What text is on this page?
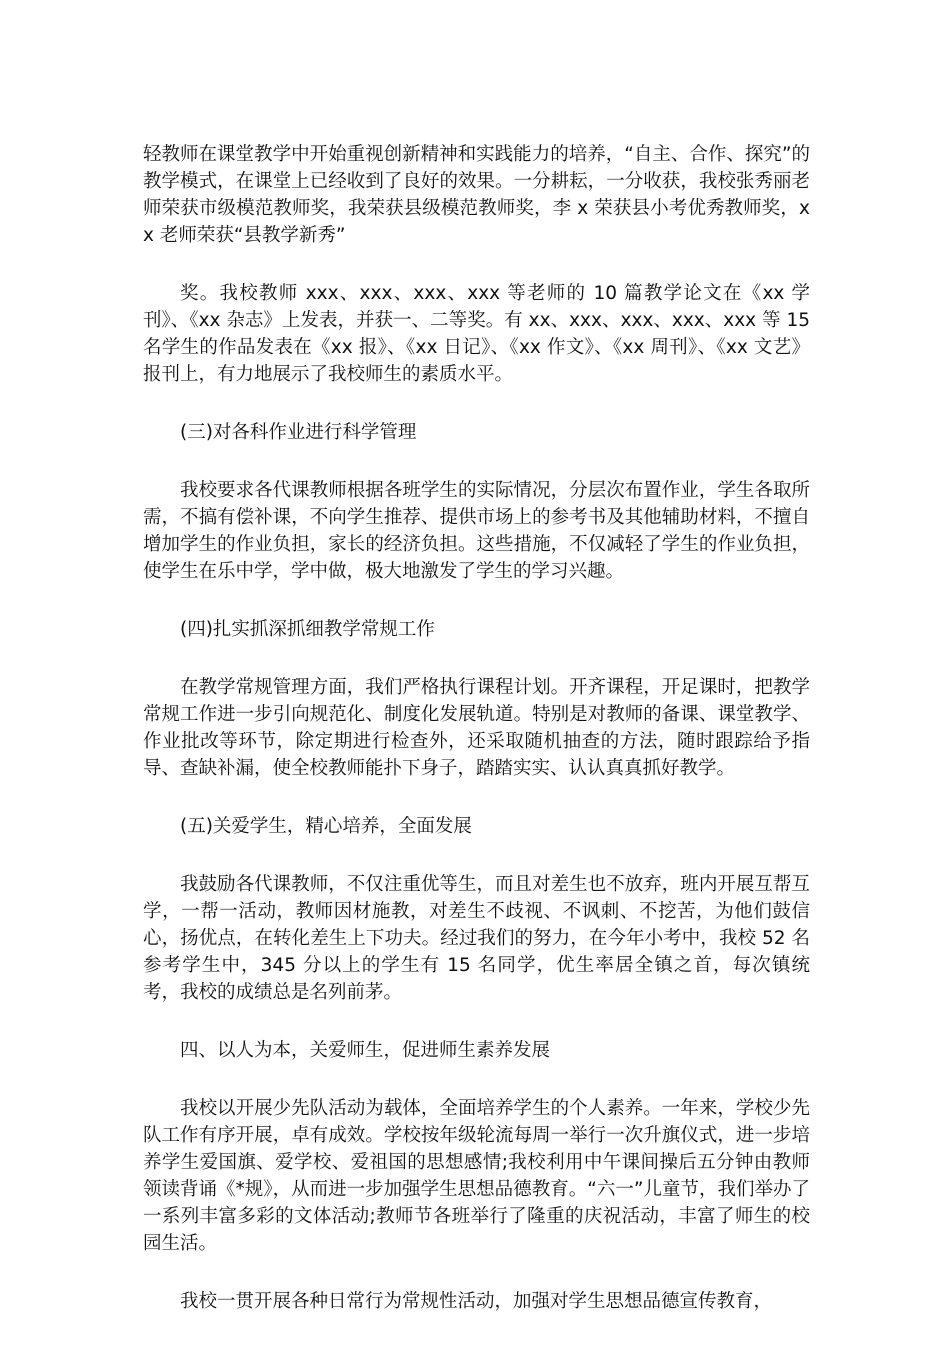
轻教师在课堂教学中开始重视创新精神和实践能力的培养，“自主、合作、探究”的教学模式，在课堂上已经收到了良好的效果。一分耕耘，一分收获，我校张秀丽老师荣获市级模范教师奖，我荣获县级模范教师奖，李 x 荣获县小考优秀教师奖，xx 老师荣获“县教学新秀”

奖。我校教师 xxx、xxx、xxx、xxx 等老师的 10 篇教学论文在《xx 学刊》、《xx 杂志》上发表，并获一、二等奖。有 xx、xxx、xxx、xxx、xxx 等 15 名学生的作品发表在《xx 报》、《xx 日记》、《xx 作文》、《xx 周刊》、《xx 文艺》报刊上，有力地展示了我校师生的素质水平。

(三)对各科作业进行科学管理

我校要求各代课教师根据各班学生的实际情况，分层次布置作业，学生各取所需，不搞有偿补课，不向学生推荐、提供市场上的参考书及其他辅助材料，不擅自增加学生的作业负担，家长的经济负担。这些措施，不仅减轻了学生的作业负担，使学生在乐中学，学中做，极大地激发了学生的学习兴趣。

(四)扎实抓深抓细教学常规工作

在教学常规管理方面，我们严格执行课程计划。开齐课程，开足课时，把教学常规工作进一步引向规范化、制度化发展轨道。特别是对教师的备课、课堂教学、作业批改等环节，除定期进行检查外，还采取随机抽查的方法，随时跟踪给予指导、查缺补漏，使全校教师能扑下身子，踏踏实实、认认真真抓好教学。

(五)关爱学生，精心培养，全面发展

我鼓励各代课教师，不仅注重优等生，而且对差生也不放弃，班内开展互帮互学，一帮一活动，教师因材施教，对差生不歧视、不讽刺、不挖苦，为他们鼓信心，扬优点，在转化差生上下功夫。经过我们的努力，在今年小考中，我校 52 名参考学生中，345 分以上的学生有 15 名同学，优生率居全镇之首，每次镇统考，我校的成绩总是名列前茅。

四、以人为本，关爱师生，促进师生素养发展

我校以开展少先队活动为载体，全面培养学生的个人素养。一年来，学校少先队工作有序开展，卓有成效。学校按年级轮流每周一举行一次升旗仪式，进一步培养学生爱国旗、爱学校、爱祖国的思想感情;我校利用中午课间操后五分钟由教师领读背诵《*规》，从而进一步加强学生思想品德教育。“六一”儿童节，我们举办了一系列丰富多彩的文体活动;教师节各班举行了隆重的庆祝活动，丰富了师生的校园生活。

我校一贯开展各种日常行为常规性活动，加强对学生思想品德宣传教育，
